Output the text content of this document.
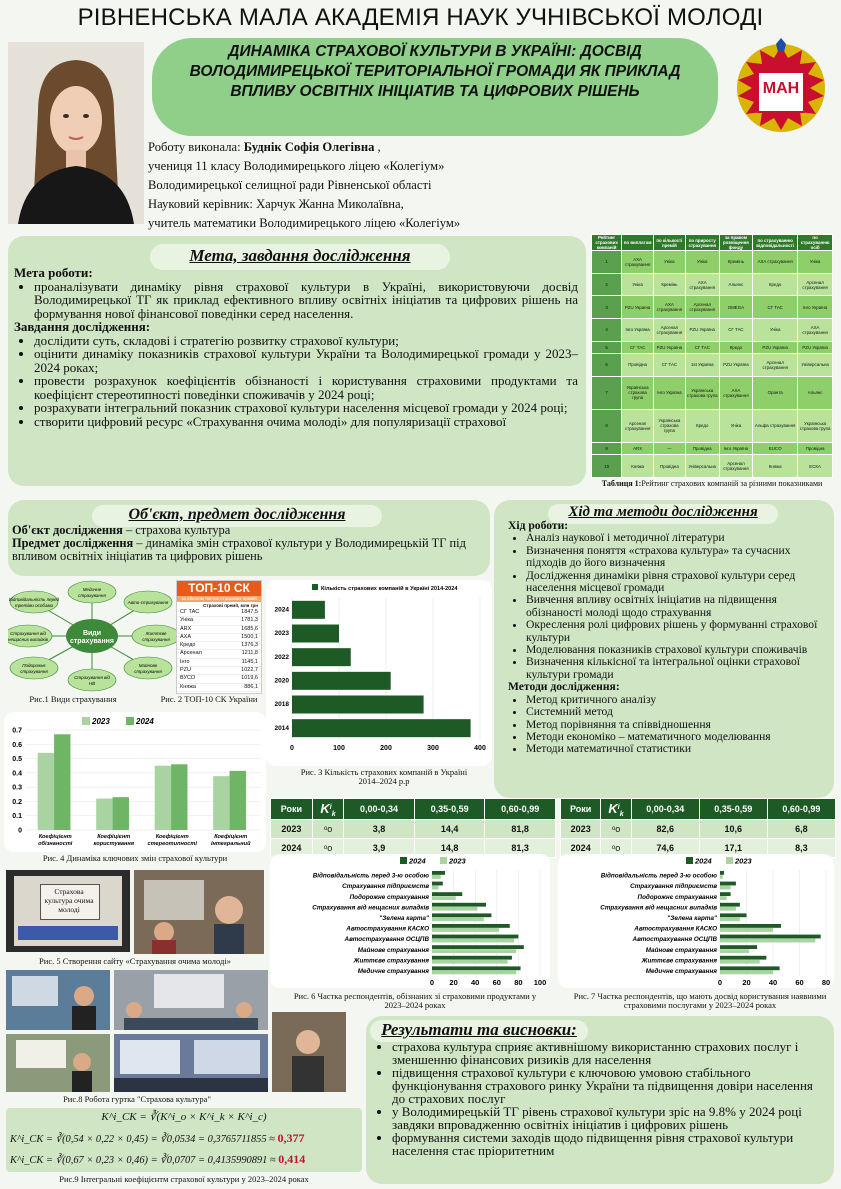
РІВНЕНСЬКА МАЛА АКАДЕМІЯ НАУК УЧНІВСЬКОЇ МОЛОДІ
ДИНАМІКА СТРАХОВОЇ КУЛЬТУРИ В УКРАЇНІ: ДОСВІД ВОЛОДИМИРЕЦЬКОЇ ТЕРИТОРІАЛЬНОЇ ГРОМАДИ ЯК ПРИКЛАД ВПЛИВУ ОСВІТНІХ ІНІЦІАТИВ ТА ЦИФРОВИХ РІШЕНЬ	МАН
Роботу виконала: Буднік Софія Олегівна ,
учениця 11 класу Володимирецького ліцею «Колегіум»
Володимирецької селищної ради Рівненської області
Науковий керівник: Харчук Жанна Миколаївна,
учитель математики Володимирецького ліцею «Колегіум»
Мета, завдання дослідження
Мета роботи:
• проаналізувати динаміку рівня страхової культури в Україні, використовуючи досвід Володимирецької ТГ як приклад ефективного впливу освітніх ініціатив та цифрових рішень на формування нової фінансової поведінки серед населення.
Завдання дослідження:
• дослідити суть, складові і стратегію розвитку страхової культури;
• оцінити динаміку показників страхової культури України та Володимирецької громади у 2023–2024 роках;
• провести розрахунок коефіцієнтів обізнаності і користування страховими продуктами та коефіцієнт стереотипності поведінки споживачів у 2024 році;
• розрахувати інтегральний показник страхової культури населення місцевої громади у 2024 році;
• створити цифровий ресурс «Страхування очима молоді» для популяризації страхової
Рейтинг страхових компаній	по виплатам	по кількості премій	по приросту страхування	за правом розміщення фонду	по страхуванню відповідальності	по страхуванню осіб
1	AXA страхування	Уніка	Уніка	Кремінь	AXA страхування	Уніка
2	Уніка	Кремінь	AXA страхування	Альянс	Кредо	Арсенал страхування
3	PZU Україна	AXA страхування	Арсенал страхування	OMEGA	СГ ТАС	Інго Україна
4	Інго Україна	Арсенал страхування	PZU Україна	СГ ТАС	Уніка	AXA страхування
5	СГ ТАС	PZU Україна	СГ ТАС	Кредо	PZU Україна	PZU Україна
6	Провідна	СГ ТАС	1st Україна	PZU Україна	Арсенал страхування	Універсальна
7	Українська страхова група	Інго Україна	Українська страхова група	AXA страхування	Оранта	Альянс
8	Арсенал страхування	Українська страхова група	Кредо	Уніка	Альфа страхування	Українська страхова група
9	ARX	—	Провідна	Інго Україна	EUCO	Провідна
10	Княжа	Провідна	Універсальна	Арсенал страхування	Княжа	ЕСКА
Таблиця 1:Рейтинг страхових компаній за різними показниками
Об'єкт, предмет дослідження
Об'єкт дослідження – страхова культура
Предмет дослідження – динаміка змін страхової культури у Володимирецькій ТГ під впливом освітніх ініціатив та цифрових рішень
Хід та методи дослідження
Хід роботи:
• Аналіз наукової і методичної літератури
• Визначення поняття «страхова культура» та сучасних підходів до його визначення
• Дослідження динаміки рівня страхової культури серед населення місцевої громади
• Вивчення впливу освітніх ініціатив на підвищення обізнаності молоді щодо страхування
• Окреслення ролі цифрових рішень у формуванні страхової культури
• Моделювання показників страхової культури споживачів
• Визначення кількісної та інтегральної оцінки страхової культури громади
Методи дослідження:
• Метод критичного аналізу
• Системний метод
• Метод порівняння та співвідношення
• Методи економіко – математичного моделювання
• Методи математичної статистики
Медичне
страхування
Авто-страхування
Життєве
страхування
Майнове
страхування
Страхування від
НВ
Подорожнє
страхування
Страхування від
нещасних випадків
Відповідальність перед
третіми особами
Види
страхування
Рис.1 Види страхування
ТОП-10 СК
за обсягом чистих страхових премій
Страхові премії, млн грн
СГ ТАС	1847,5
Уніка	1781,3
ARX	1685,6
AXA	1500,1
Кредо	1376,3
Арсенал	1211,8
Інго	1145,1
PZU	1022,7
ВУСО	1019,6
Княжа	886,1
Рис. 2 ТОП-10 СК України
Кількість страхових компаній в Україні 2014-2024
0	100	200	300	400
2024
2023
2022
2020
2018
2014
Рис. 3 Кількість страхових компаній в Україні 2014–2024 р.р
2023	2024
0
0.1
0.2
0.3
0.4
0.5
0.6
0.7
Коефіцієнт
обізнаності
Коефіцієнт
користування
Коефіцієнт
стереотипності
Коефіцієнт
інтегральний
Рис. 4 Динаміка ключових змін страхової культури
Роки	$K^i_k$	0,00-0,34	0,35-0,59	0,60-0,99
2023	ᵒо	3,8	14,4	81,8
2024	ᵒо	3,9	14,8	81,3
Роки	$K^i_k$	0,00-0,34	0,35-0,59	0,60-0,99
2023	ᵒо	82,6	10,6	6,8
2024	ᵒо	74,6	17,1	8,3
2024	2023
0 20 40 60 80 100
Відповідальність перед 3-ю особою
Страхування підприємств
Подорожне страхування
Страхування від нещасних випадків
"Зелена карта"
Автострахування КАСКО
Автострахування ОСЦПВ
Майнове страхування
Життєве страхування
Медичне страхування
Рис. 6 Частка респондентів, обізнаних зі страховими продуктами у 2023–2024 роках
2024	2023
0	20 40 60 80
Відповідальність перед 3-ю особою
Страхування підприємств
Подорожнє страхування
Страхування від нещасних випадків
"Зелена карта"
Автострахування КАСКО
Автострахування ОСЦПВ
Майнове страхування
Життєве страхування
Медичне страхування
Рис. 7 Частка респондентів, що мають досвід користування наявними страховими послугами у 2023–2024 роках
Страхова культура очима молоді
Рис. 5 Створення сайту «Страхування очима молоді»
Рис.8 Робота гуртка "Страхова культура"
K^i_CK = ∛(K^i_o × K^i_k × K^i_c)
K^i_CK = ∛(0,54 × 0,22 × 0,45) = ∛0,0534 = 0,3765711855 ≈ 0,377
K^i_CK = ∛(0,67 × 0,23 × 0,46) = ∛0,0707 = 0,4135990891 ≈ 0,414
Рис.9 Інтегральні коефіцієнтм страхової культури у 2023–2024 роках
Результати та висновки:
• страхова культура сприяє активнішому використанню страхових послуг і зменшенню фінансових ризиків для населення
• підвищення страхової культури є ключовою умовою стабільного функціонування страхового ринку України та підвищення довіри населення до страхових послуг
• у Володимирецькій ТГ рівень страхової культури зріс на 9.8% у 2024 році завдяки впровадженню освітніх ініціатив і цифрових рішень
• формування системи заходів щодо підвищення рівня страхової культури населення стає пріоритетним
